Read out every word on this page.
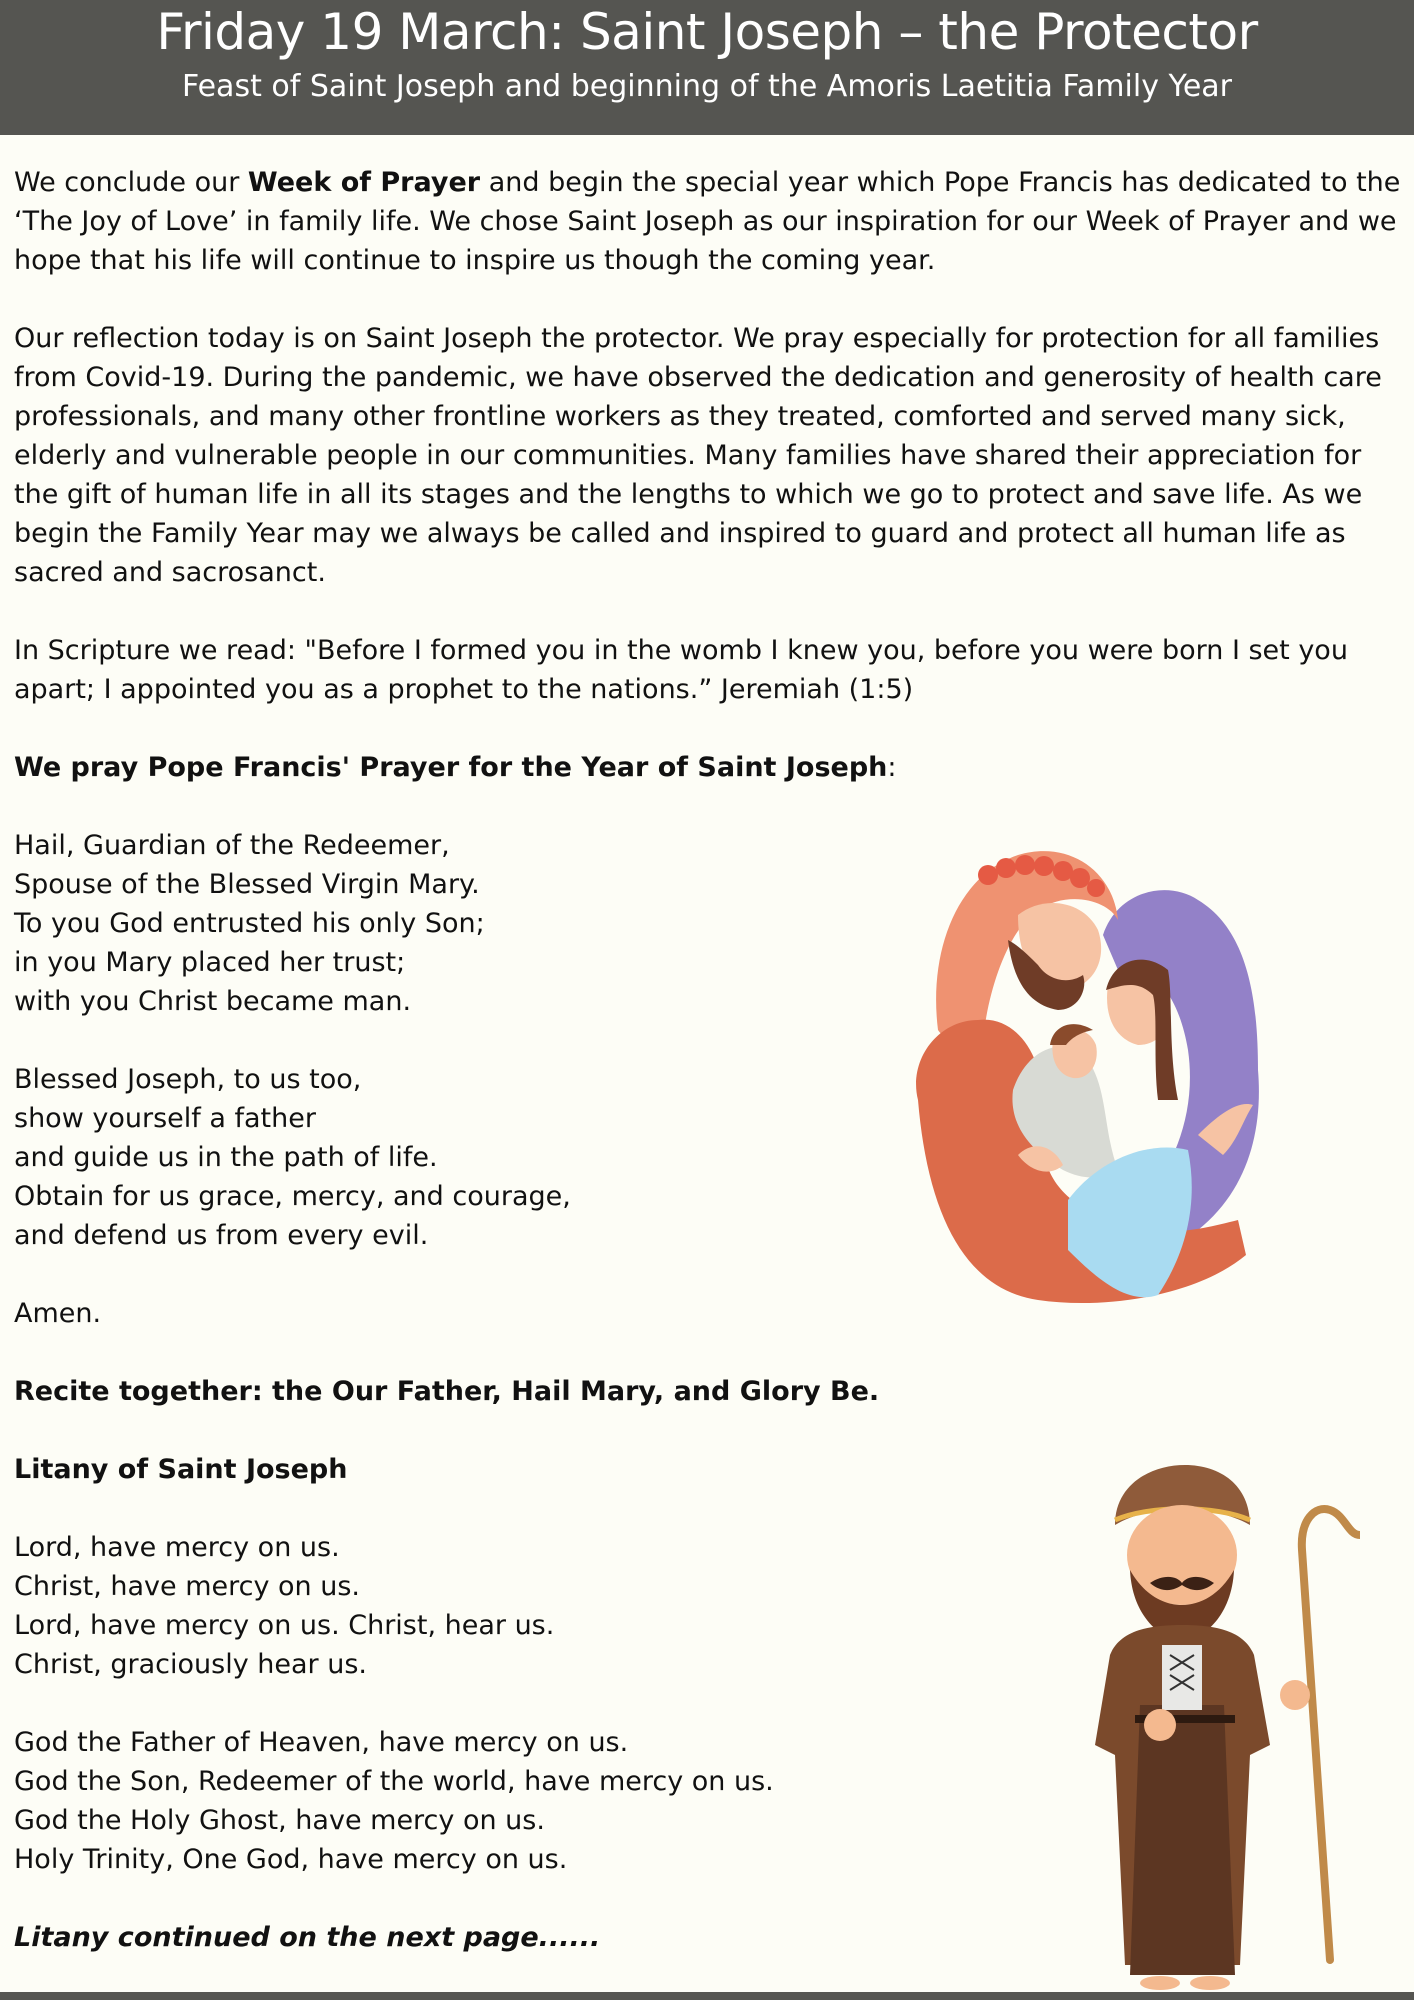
Friday 19 March: Saint Joseph – the Protector
Feast of Saint Joseph and beginning of the Amoris Laetitia Family Year

We conclude our Week of Prayer and begin the special year which Pope Francis has dedicated to the
‘The Joy of Love’ in family life. We chose Saint Joseph as our inspiration for our Week of Prayer and we
hope that his life will continue to inspire us though the coming year.

Our reflection today is on Saint Joseph the protector. We pray especially for protection for all families
from Covid-19. During the pandemic, we have observed the dedication and generosity of health care
professionals, and many other frontline workers as they treated, comforted and served many sick,
elderly and vulnerable people in our communities. Many families have shared their appreciation for
the gift of human life in all its stages and the lengths to which we go to protect and save life. As we
begin the Family Year may we always be called and inspired to guard and protect all human life as
sacred and sacrosanct.

In Scripture we read: "Before I formed you in the womb I knew you, before you were born I set you
apart; I appointed you as a prophet to the nations.” Jeremiah (1:5)

We pray Pope Francis' Prayer for the Year of Saint Joseph:

Hail, Guardian of the Redeemer,
Spouse of the Blessed Virgin Mary.
To you God entrusted his only Son;
in you Mary placed her trust;
with you Christ became man.

Blessed Joseph, to us too,
show yourself a father
and guide us in the path of life.
Obtain for us grace, mercy, and courage,
and defend us from every evil.

Amen.

Recite together: the Our Father, Hail Mary, and Glory Be.

Litany of Saint Joseph

Lord, have mercy on us.
Christ, have mercy on us.
Lord, have mercy on us. Christ, hear us.
Christ, graciously hear us.

God the Father of Heaven, have mercy on us.
God the Son, Redeemer of the world, have mercy on us.
God the Holy Ghost, have mercy on us.
Holy Trinity, One God, have mercy on us.

Litany continued on the next page......
